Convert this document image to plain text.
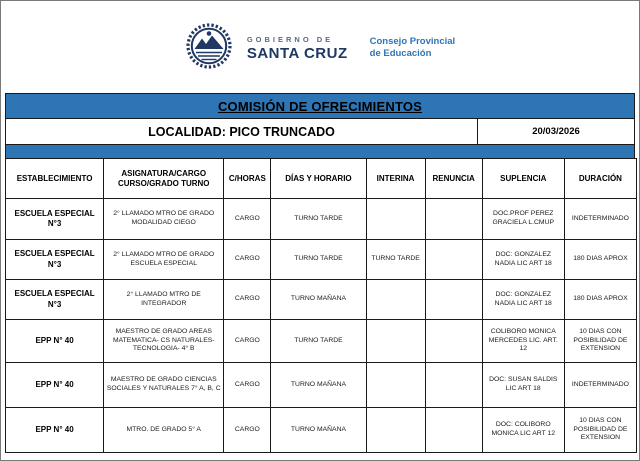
GOBIERNO DE
SANTA CRUZ
Consejo Provincial
de Educación
COMISIÓN DE OFRECIMIENTOS
LOCALIDAD: PICO TRUNCADO	20/03/2026
ESTABLECIMIENTO	ASIGNATURA/CARGO CURSO/GRADO TURNO	C/HORAS	DÍAS Y HORARIO	INTERINA	RENUNCIA	SUPLENCIA	DURACIÓN
ESCUELA ESPECIAL N°3	2° LLAMADO MTRO DE GRADO MODALIDAD CIEGO	CARGO	TURNO TARDE			DOC.PROF PEREZ GRACIELA L.CMUP	INDETERMINADO
ESCUELA ESPECIAL N°3	2° LLAMADO MTRO DE GRADO ESCUELA ESPECIAL	CARGO	TURNO TARDE	TURNO TARDE		DOC: GONZALEZ NADIA LIC ART 18	180 DIAS APROX
ESCUELA ESPECIAL N°3	2° LLAMADO MTRO DE INTEGRADOR	CARGO	TURNO MAÑANA			DOC: GONZALEZ NADIA LIC ART 18	180 DIAS APROX
EPP N° 40	MAESTRO DE GRADO AREAS MATEMATICA- CS NATURALES- TECNOLOGIA- 4° B	CARGO	TURNO TARDE			COLIBORO MONICA MERCEDES LIC. ART. 12	10 DIAS CON POSIBILIDAD DE EXTENSION
EPP N° 40	MAESTRO DE GRADO CIENCIAS SOCIALES Y NATURALES 7° A, B, C	CARGO	TURNO MAÑANA			DOC: SUSAN SALDIS LIC ART 18	INDETERMINADO
EPP N° 40	MTRO. DE GRADO 5° A	CARGO	TURNO MAÑANA			DOC: COLIBORO MONICA LIC ART 12	10 DIAS CON POSIBILIDAD DE EXTENSION
